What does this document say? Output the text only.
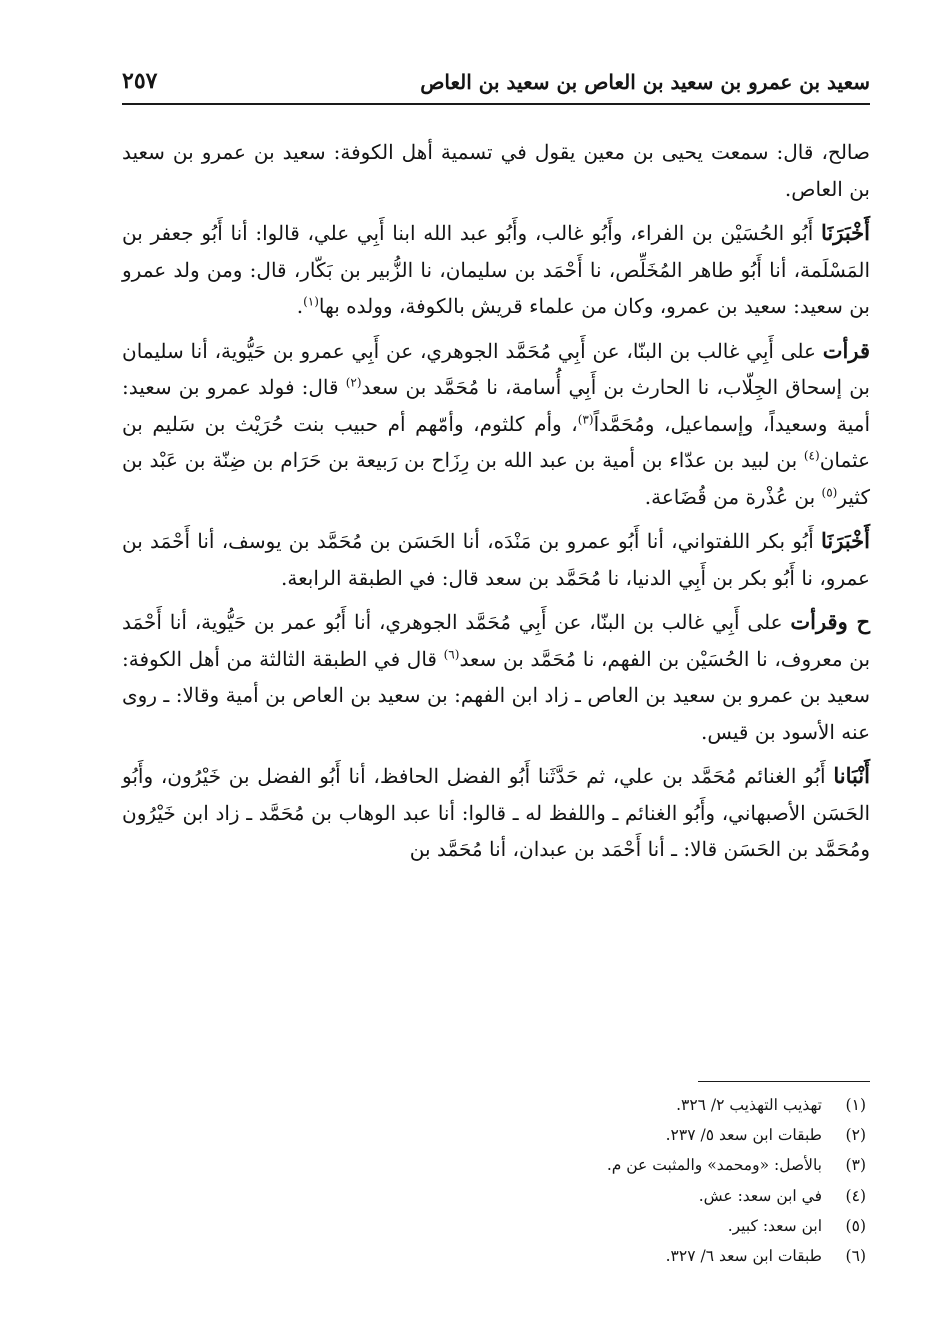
سعيد بن عمرو بن سعيد بن العاص بن سعيد بن العاص
٢٥٧

صالح، قال: سمعت يحيى بن معين يقول في تسمية أهل الكوفة: سعيد بن عمرو بن سعيد بن العاص.

أَخْبَرَنَا أَبُو الحُسَيْن بن الفراء، وأَبُو غالب، وأَبُو عبد الله ابنا أَبِي علي، قالوا: أنا أَبُو جعفر بن المَسْلَمة، أنا أَبُو طاهر المُخَلِّص، نا أَحْمَد بن سليمان، نا الزُّبير بن بَكّار، قال: ومن ولد عمرو بن سعيد: سعيد بن عمرو، وكان من علماء قريش بالكوفة، وولده بها$^{(١)}$.

قرأت على أَبِي غالب بن البنّا، عن أَبِي مُحَمَّد الجوهري، عن أَبِي عمرو بن حَيُّوية، أنا سليمان بن إسحاق الجِلّاب، نا الحارث بن أَبِي أُسامة، نا مُحَمَّد بن سعد$^{(٢)}$ قال: فولد عمرو بن سعيد: أمية وسعيداً، وإسماعيل، ومُحَمَّداً$^{(٣)}$، وأم كلثوم، وأمّهم أم حبيب بنت حُرَيْث بن سَليم بن عثمان$^{(٤)}$ بن لبيد بن عدّاء بن أمية بن عبد الله بن رِزَاح بن رَبيعة بن حَرَام بن ضِنّة بن عَبْد بن كثير$^{(٥)}$ بن عُذْرة من قُضَاعة.

أَخْبَرَنَا أَبُو بكر اللفتواني، أنا أَبُو عمرو بن مَنْدَه، أنا الحَسَن بن مُحَمَّد بن يوسف، أنا أَحْمَد بن عمرو، نا أَبُو بكر بن أَبِي الدنيا، نا مُحَمَّد بن سعد قال: في الطبقة الرابعة.

ح وقرأت على أَبِي غالب بن البنّا، عن أَبِي مُحَمَّد الجوهري، أنا أَبُو عمر بن حَيُّوية، أنا أَحْمَد بن معروف، نا الحُسَيْن بن الفهم، نا مُحَمَّد بن سعد$^{(٦)}$ قال في الطبقة الثالثة من أهل الكوفة: سعيد بن عمرو بن سعيد بن العاص ـ زاد ابن الفهم: بن سعيد بن العاص بن أمية وقالا: ـ روى عنه الأسود بن قيس.

أَنْبَانا أَبُو الغنائم مُحَمَّد بن علي، ثم حَدَّثَنا أَبُو الفضل الحافظ، أنا أَبُو الفضل بن خَيْرُون، وأَبُو الحَسَن الأصبهاني، وأَبُو الغنائم ـ واللفظ له ـ قالوا: أنا عبد الوهاب بن مُحَمَّد ـ زاد ابن خَيْرُون ومُحَمَّد بن الحَسَن قالا: ـ أنا أَحْمَد بن عبدان، أنا مُحَمَّد بن

(١)تهذيب التهذيب ٢/ ٣٢٦.
(٢)طبقات ابن سعد ٥/ ٢٣٧.
(٣)بالأصل: «ومحمد» والمثبت عن م.
(٤)في ابن سعد: عش.
(٥)ابن سعد: كبير.
(٦)طبقات ابن سعد ٦/ ٣٢٧.
